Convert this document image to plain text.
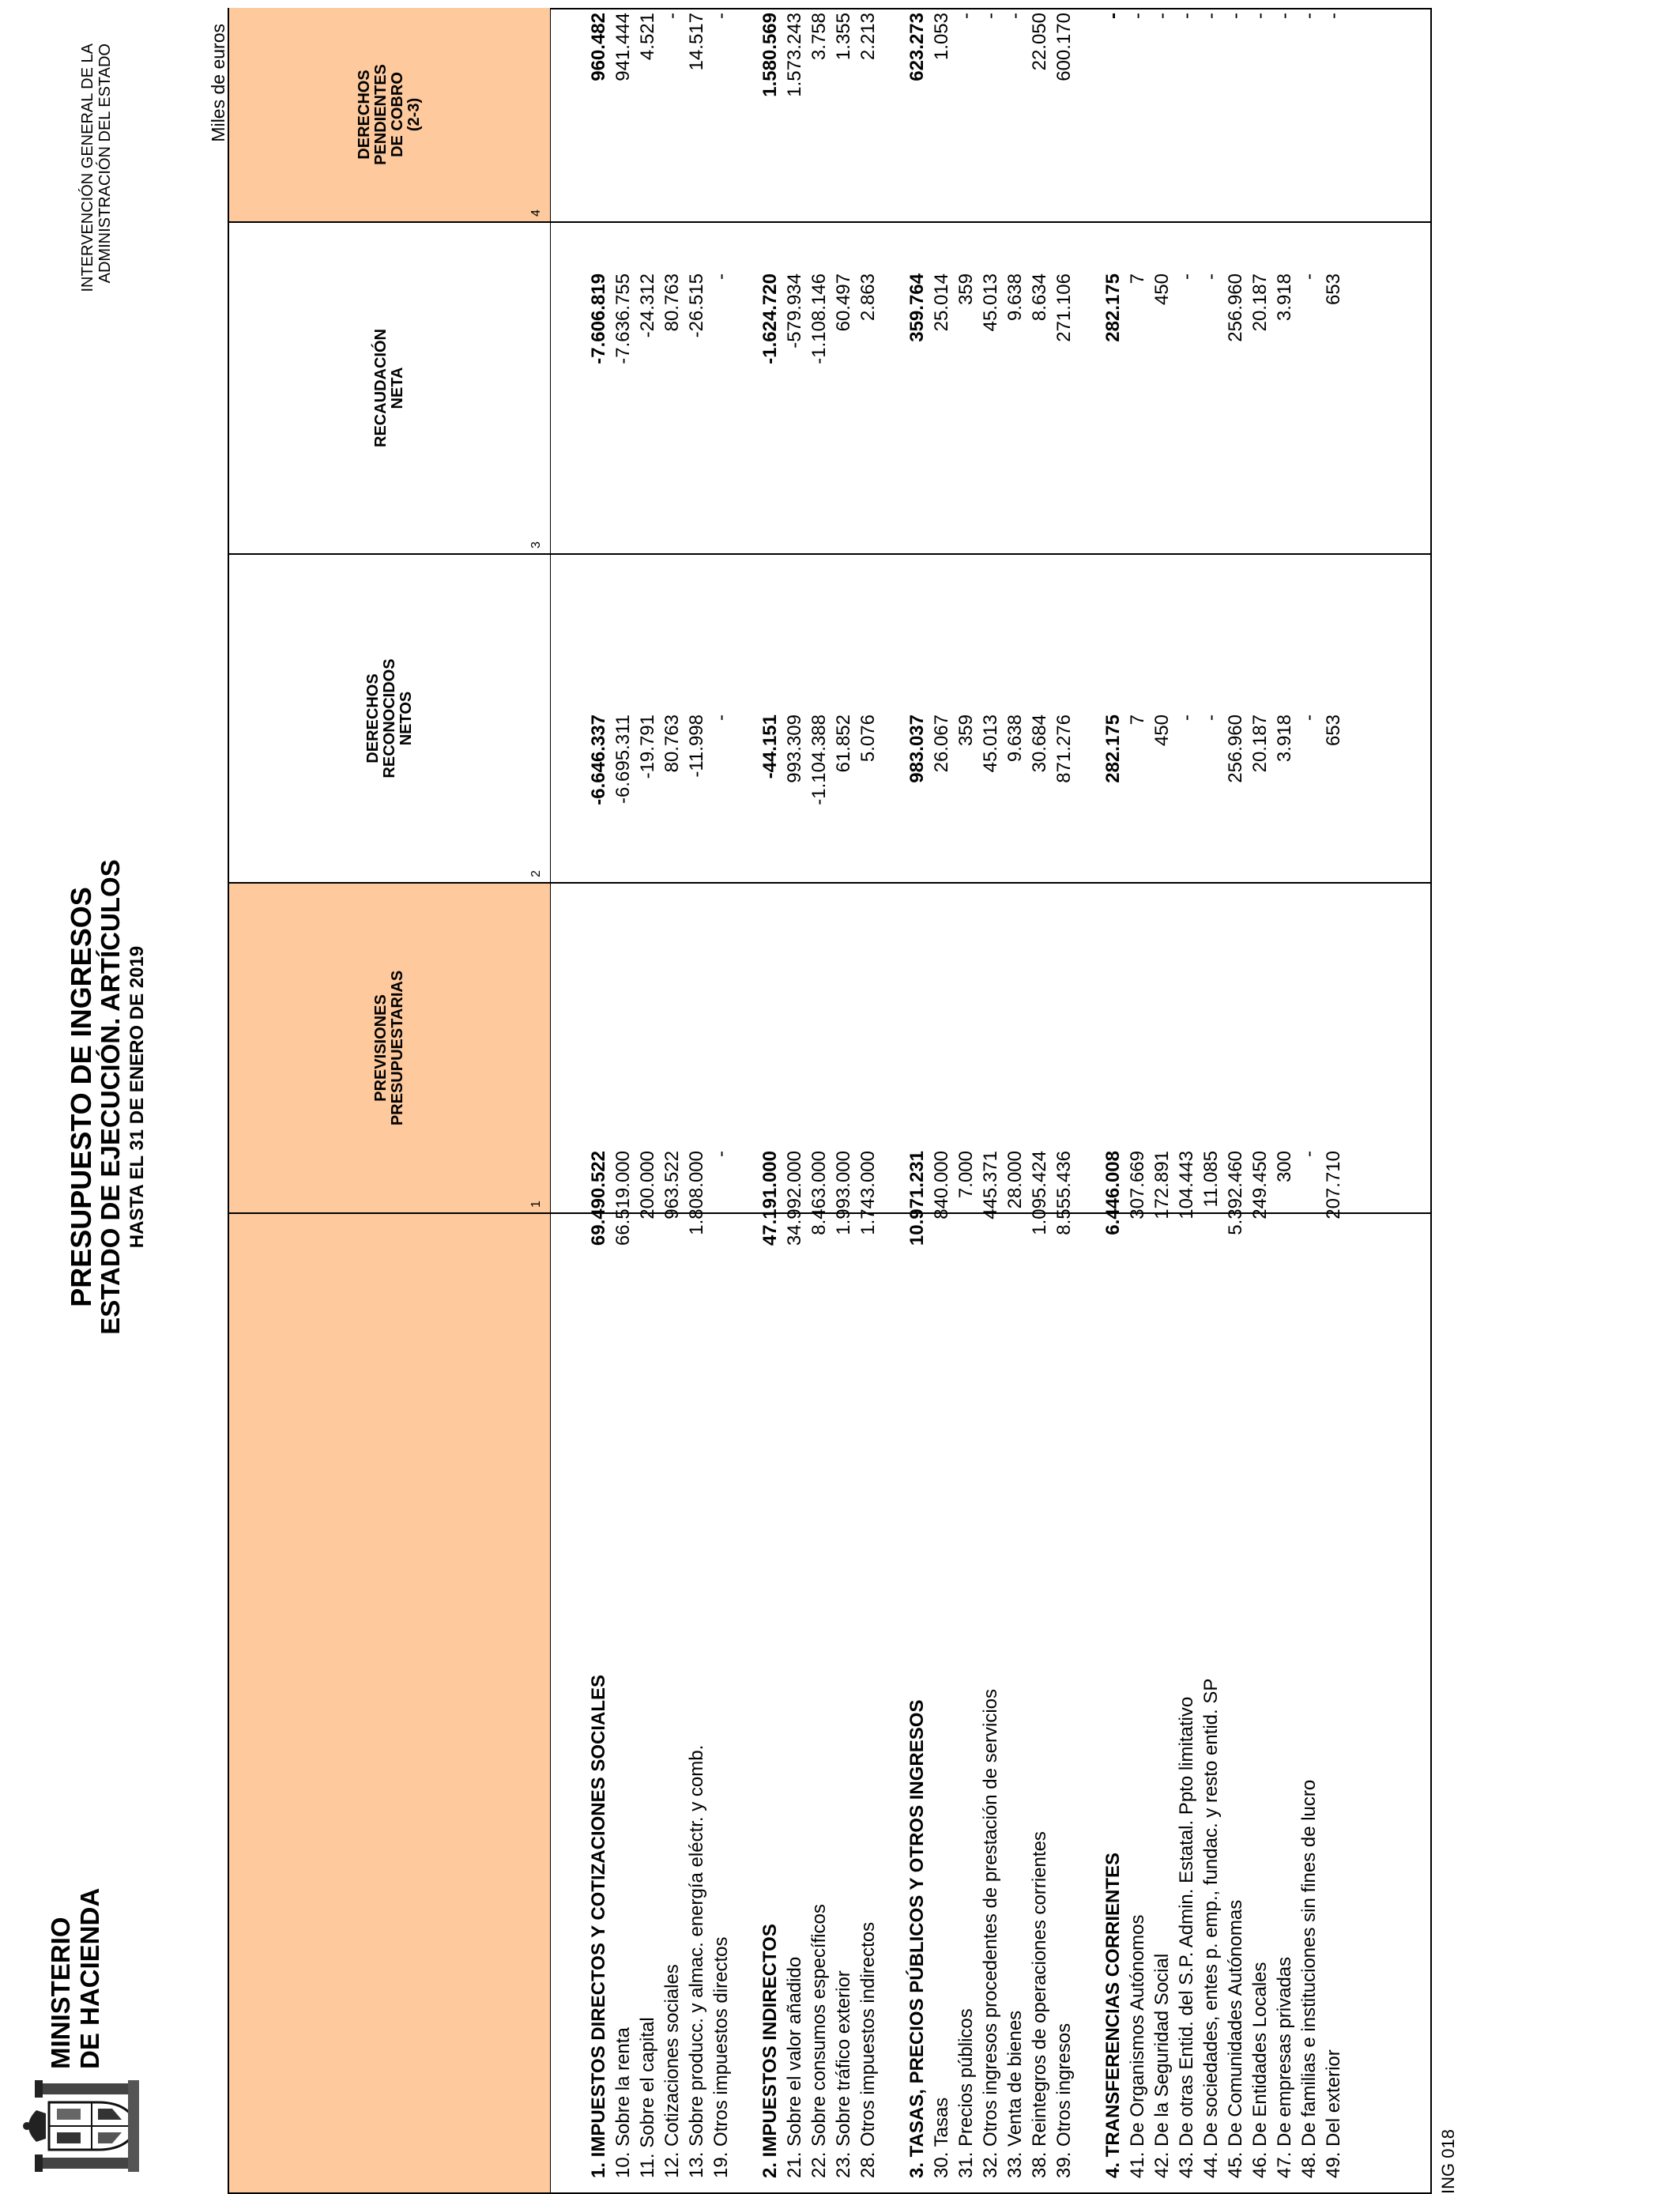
MINISTERIO DE HACIENDA
PRESUPUESTO DE INGRESOS
ESTADO DE EJECUCIÓN. ARTÍCULOS HASTA EL 31 DE ENERO DE 2019
INTERVENCIÓN GENERAL DE LA ADMINISTRACIÓN DEL ESTADO	Miles de euros
PREVISIONES PRESUPUESTARIAS
1
DERECHOS RECONOCIDOS NETOS
2
RECAUDACIÓN NETA
3
DERECHOS PENDIENTES DE COBRO (2-3)
4
1. IMPUESTOS DIRECTOS Y COTIZACIONES SOCIALES
69.490.522
-6.646.337
-7.606.819
960.482
10. Sobre la renta
66.519.000
-6.695.311
-7.636.755
941.444
11. Sobre el capital
200.000
-19.791
-24.312
4.521
12. Cotizaciones sociales
963.522
80.763
80.763
-
13. Sobre producc. y almac. energía eléctr. y comb.
1.808.000
-11.998
-26.515
14.517
19. Otros impuestos directos
-
-
-
-
2. IMPUESTOS INDIRECTOS
47.191.000
-44.151
-1.624.720
1.580.569
21. Sobre el valor añadido
34.992.000
993.309
-579.934
1.573.243
22. Sobre consumos específicos
8.463.000
-1.104.388
-1.108.146
3.758
23. Sobre tráfico exterior
1.993.000
61.852
60.497
1.355
28. Otros impuestos indirectos
1.743.000
5.076
2.863
2.213
3. TASAS, PRECIOS PÚBLICOS Y OTROS INGRESOS
10.971.231
983.037
359.764
623.273
30. Tasas
840.000
26.067
25.014
1.053
31. Precios públicos
7.000
359
359
-
32. Otros ingresos procedentes de prestación de servicios
445.371
45.013
45.013
-
33. Venta de bienes
28.000
9.638
9.638
-
38. Reintegros de operaciones corrientes
1.095.424
30.684
8.634
22.050
39. Otros ingresos
8.555.436
871.276
271.106
600.170
4. TRANSFERENCIAS CORRIENTES
6.446.008
282.175
282.175
-
41. De Organismos Autónomos
307.669
7
7
-
42. De la Seguridad Social
172.891
450
450
-
43. De otras Entid. del S.P. Admin. Estatal. Ppto limitativo
104.443
-
-
-
44. De sociedades, entes p. emp., fundac. y resto entid. SP
11.085
-
-
-
45. De Comunidades Autónomas
5.392.460
256.960
256.960
-
46. De Entidades Locales
249.450
20.187
20.187
-
47. De empresas privadas
300
3.918
3.918
-
48. De familias e instituciones sin fines de lucro
-
-
-
-
49. Del exterior
207.710
653
653
-
ING 018
